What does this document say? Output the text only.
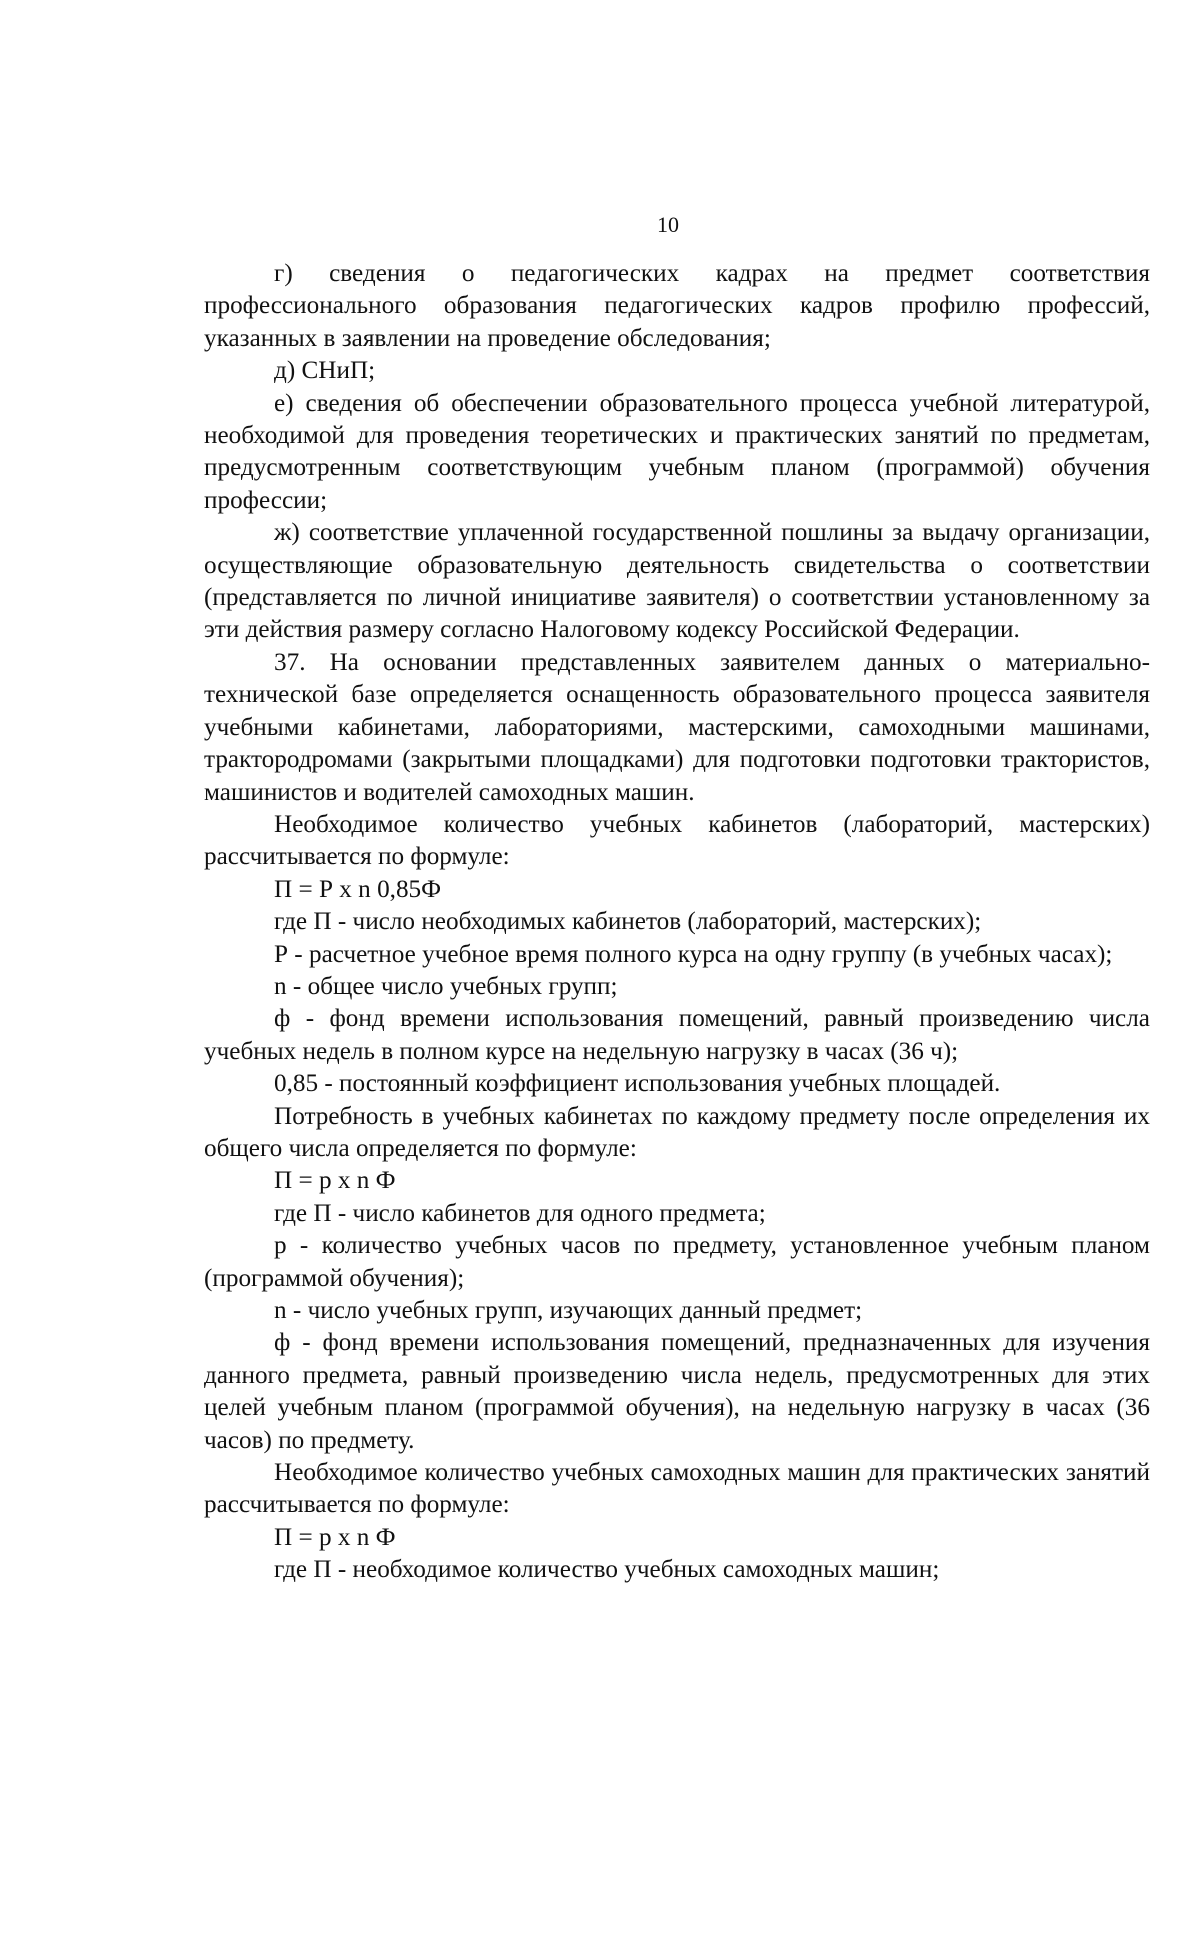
10

г) сведения о педагогических кадрах на предмет соответствия профессионального образования педагогических кадров профилю профессий, указанных в заявлении на проведение обследования;

д) СНиП;

е) сведения об обеспечении образовательного процесса учебной литературой, необходимой для проведения теоретических и практических занятий по предметам, предусмотренным соответствующим учебным планом (программой) обучения профессии;

ж) соответствие уплаченной государственной пошлины за выдачу организации, осуществляющие образовательную деятельность свидетельства о соответствии (представляется по личной инициативе заявителя) о соответствии установленному за эти действия размеру согласно Налоговому кодексу Российской Федерации.

37. На основании представленных заявителем данных о материально-технической базе определяется оснащенность образовательного процесса заявителя учебными кабинетами, лабораториями, мастерскими, самоходными машинами, трактородромами (закрытыми площадками) для подготовки подготовки трактористов, машинистов и водителей самоходных машин.

Необходимое количество учебных кабинетов (лабораторий, мастерских) рассчитывается по формуле:

П = Р х n 0,85Ф

где П - число необходимых кабинетов (лабораторий, мастерских);

Р - расчетное учебное время полного курса на одну группу (в учебных часах);

n - общее число учебных групп;

ф - фонд времени использования помещений, равный произведению числа учебных недель в полном курсе на недельную нагрузку в часах (36 ч);

0,85 - постоянный коэффициент использования учебных площадей.

Потребность в учебных кабинетах по каждому предмету после определения их общего числа определяется по формуле:

П = р х n Ф

где П - число кабинетов для одного предмета;

р - количество учебных часов по предмету, установленное учебным планом (программой обучения);

n - число учебных групп, изучающих данный предмет;

ф - фонд времени использования помещений, предназначенных для изучения данного предмета, равный произведению числа недель, предусмотренных для этих целей учебным планом (программой обучения), на недельную нагрузку в часах (36 часов) по предмету.

Необходимое количество учебных самоходных машин для практических занятий рассчитывается по формуле:

П = р х n Ф

где П - необходимое количество учебных самоходных машин;
